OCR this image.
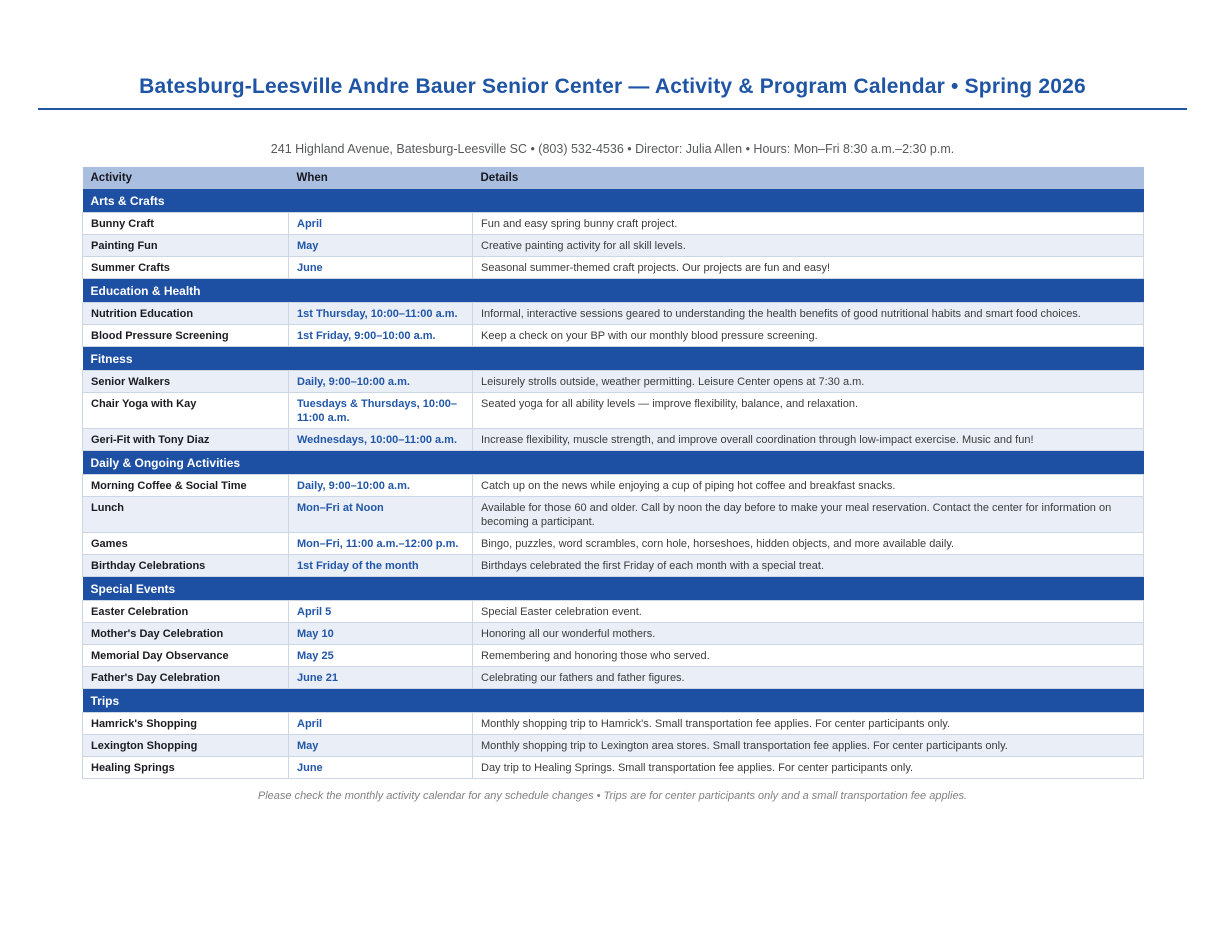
Batesburg-Leesville Andre Bauer Senior Center — Activity & Program Calendar • Spring 2026
241 Highland Avenue, Batesburg-Leesville SC • (803) 532-4536 • Director: Julia Allen • Hours: Mon–Fri 8:30 a.m.–2:30 p.m.
Activity	When	Details
Arts & Crafts		
Bunny Craft	April	Fun and easy spring bunny craft project.
Painting Fun	May	Creative painting activity for all skill levels.
Summer Crafts	June	Seasonal summer-themed craft projects. Our projects are fun and easy!
Education & Health		
Nutrition Education	1st Thursday, 10:00–11:00 a.m.	Informal, interactive sessions geared to understanding the health benefits of good nutritional habits and smart food choices.
Blood Pressure Screening	1st Friday, 9:00–10:00 a.m.	Keep a check on your BP with our monthly blood pressure screening.
Fitness		
Senior Walkers	Daily, 9:00–10:00 a.m.	Leisurely strolls outside, weather permitting. Leisure Center opens at 7:30 a.m.
Chair Yoga with Kay	Tuesdays & Thursdays, 10:00–11:00 a.m.	Seated yoga for all ability levels — improve flexibility, balance, and relaxation.
Geri-Fit with Tony Diaz	Wednesdays, 10:00–11:00 a.m.	Increase flexibility, muscle strength, and improve overall coordination through low-impact exercise. Music and fun!
Daily & Ongoing Activities		
Morning Coffee & Social Time	Daily, 9:00–10:00 a.m.	Catch up on the news while enjoying a cup of piping hot coffee and breakfast snacks.
Lunch	Mon–Fri at Noon	Available for those 60 and older. Call by noon the day before to make your meal reservation. Contact the center for information on becoming a participant.
Games	Mon–Fri, 11:00 a.m.–12:00 p.m.	Bingo, puzzles, word scrambles, corn hole, horseshoes, hidden objects, and more available daily.
Birthday Celebrations	1st Friday of the month	Birthdays celebrated the first Friday of each month with a special treat.
Special Events		
Easter Celebration	April 5	Special Easter celebration event.
Mother's Day Celebration	May 10	Honoring all our wonderful mothers.
Memorial Day Observance	May 25	Remembering and honoring those who served.
Father's Day Celebration	June 21	Celebrating our fathers and father figures.
Trips		
Hamrick's Shopping	April	Monthly shopping trip to Hamrick's. Small transportation fee applies. For center participants only.
Lexington Shopping	May	Monthly shopping trip to Lexington area stores. Small transportation fee applies. For center participants only.
Healing Springs	June	Day trip to Healing Springs. Small transportation fee applies. For center participants only.
Please check the monthly activity calendar for any schedule changes • Trips are for center participants only and a small transportation fee applies.
